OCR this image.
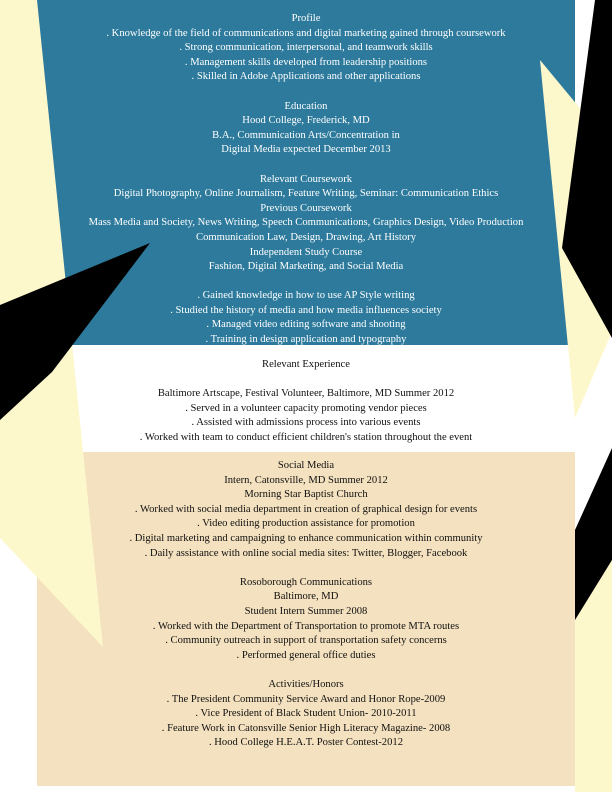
Profile
. Knowledge of the field of communications and digital marketing gained through coursework
. Strong communication, interpersonal, and teamwork skills
. Management skills developed from leadership positions
. Skilled in Adobe Applications and other applications
Education
Hood College, Frederick, MD
B.A., Communication Arts/Concentration in
Digital Media expected December 2013
Relevant Coursework
Digital Photography, Online Journalism, Feature Writing, Seminar: Communication Ethics
Previous Coursework
Mass Media and Society, News Writing, Speech Communications, Graphics Design, Video Production
Communication Law, Design, Drawing, Art History
Independent Study Course
Fashion, Digital Marketing, and Social Media
. Gained knowledge in how to use AP Style writing
. Studied the history of media and how media influences society
. Managed video editing software and shooting
. Training in design application and typography
Relevant Experience
Baltimore Artscape, Festival Volunteer, Baltimore, MD Summer 2012
. Served in a volunteer capacity promoting vendor pieces
. Assisted with admissions process into various events
. Worked with team to conduct efficient children's station throughout the event
Social Media
Intern, Catonsville, MD Summer 2012
Morning Star Baptist Church
. Worked with social media department in creation of graphical design for events
. Video editing production assistance for promotion
. Digital marketing and campaigning to enhance communication within community
. Daily assistance with online social media sites: Twitter, Blogger, Facebook
Rosoborough Communications
Baltimore, MD
Student Intern Summer 2008
. Worked with the Department of Transportation to promote MTA routes
. Community outreach in support of transportation safety concerns
. Performed general office duties
Activities/Honors
. The President Community Service Award and Honor Rope-2009
. Vice President of Black Student Union- 2010-2011
. Feature Work in Catonsville Senior High Literacy Magazine- 2008
. Hood College H.E.A.T. Poster Contest-2012
